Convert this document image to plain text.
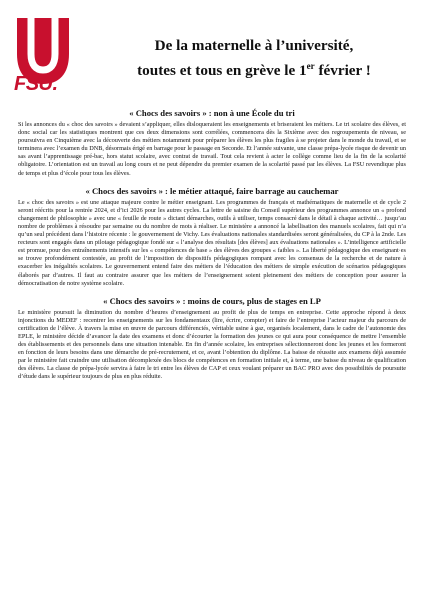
FSU.
De la maternelle à l’université,
toutes et tous en grève le 1er février !

« Chocs des savoirs » : non à une École du tri

Si les annonces du « choc des savoirs » devaient s’appliquer, elles disloqueraient les enseignements et briseraient les métiers. Le tri scolaire des élèves, et donc social car les statistiques montrent que ces deux dimensions sont corrélées, commencera dès la Sixième avec des regroupements de niveau, se poursuivra en Cinquième avec la découverte des métiers notamment pour préparer les élèves les plus fragiles à se projeter dans le monde du travail, et se terminera avec l’examen du DNB, désormais érigé en barrage pour le passage en Seconde. Et l’année suivante, une classe prépa-lycée risque de devenir un sas avant l’apprentissage pré-bac, hors statut scolaire, avec contrat de travail. Tout cela revient à acter le collège comme lieu de la fin de la scolarité obligatoire. L’orientation est un travail au long cours et ne peut dépendre du premier examen de la scolarité passé par les élèves. La FSU revendique plus de temps et plus d’école pour tous les élèves.

« Chocs des savoirs » : le métier attaqué, faire barrage au cauchemar

Le « choc des savoirs » est une attaque majeure contre le métier enseignant. Les programmes de français et mathématiques de maternelle et de cycle 2 seront réécrits pour la rentrée 2024, et d’ici 2026 pour les autres cycles. La lettre de saisine du Conseil supérieur des programmes annonce un « profond changement de philosophie » avec une « feuille de route » dictant démarches, outils à utiliser, temps consacré dans le détail à chaque activité… jusqu’au nombre de problèmes à résoudre par semaine ou du nombre de mots à réaliser. Le ministère a annoncé la labellisation des manuels scolaires, fait qui n’a qu’un seul précédent dans l’histoire récente : le gouvernement de Vichy. Les évaluations nationales standardisées seront généralisées, du CP à la 2nde. Les recteurs sont engagés dans un pilotage pédagogique fondé sur « l’analyse des résultats [des élèves] aux évaluations nationales ». L’intelligence artificielle est promue, pour des entraînements intensifs sur les « compétences de base » des élèves des groupes « faibles ». La liberté pédagogique des enseignant·es se trouve profondément contestée, au profit de l’imposition de dispositifs pédagogiques rompant avec les consensus de la recherche et de nature à exacerber les inégalités scolaires. Le gouvernement entend faire des métiers de l’éducation des métiers de simple exécution de scénarios pédagogiques élaborés par d’autres. Il faut au contraire assurer que les métiers de l’enseignement soient pleinement des métiers de conception pour assurer la démocratisation de notre système scolaire.

« Chocs des savoirs » : moins de cours, plus de stages en LP

Le ministère poursuit la diminution du nombre d’heures d’enseignement au profit de plus de temps en entreprise. Cette approche répond à deux injonctions du MEDEF : recentrer les enseignements sur les fondamentaux (lire, écrire, compter) et faire de l’entreprise l’acteur majeur du parcours de certification de l’élève. À travers la mise en œuvre de parcours différenciés, véritable usine à gaz, organisés localement, dans le cadre de l’autonomie des EPLE, le ministère décide d’avancer la date des examens et donc d’écourter la formation des jeunes ce qui aura pour conséquence de mettre l’ensemble des établissements et des personnels dans une situation intenable. En fin d’année scolaire, les entreprises sélectionneront donc les jeunes et les formeront en fonction de leurs besoins dans une démarche de pré-recrutement, et ce, avant l’obtention du diplôme. La baisse de réussite aux examens déjà assumée par le ministère fait craindre une utilisation décomplexée des blocs de compétences en formation initiale et, à terme, une baisse du niveau de qualification des élèves. La classe de prépa-lycée servira à faire le tri entre les élèves de CAP et ceux voulant préparer un BAC PRO avec des possibilités de poursuite d’étude dans le supérieur toujours de plus en plus réduite.
